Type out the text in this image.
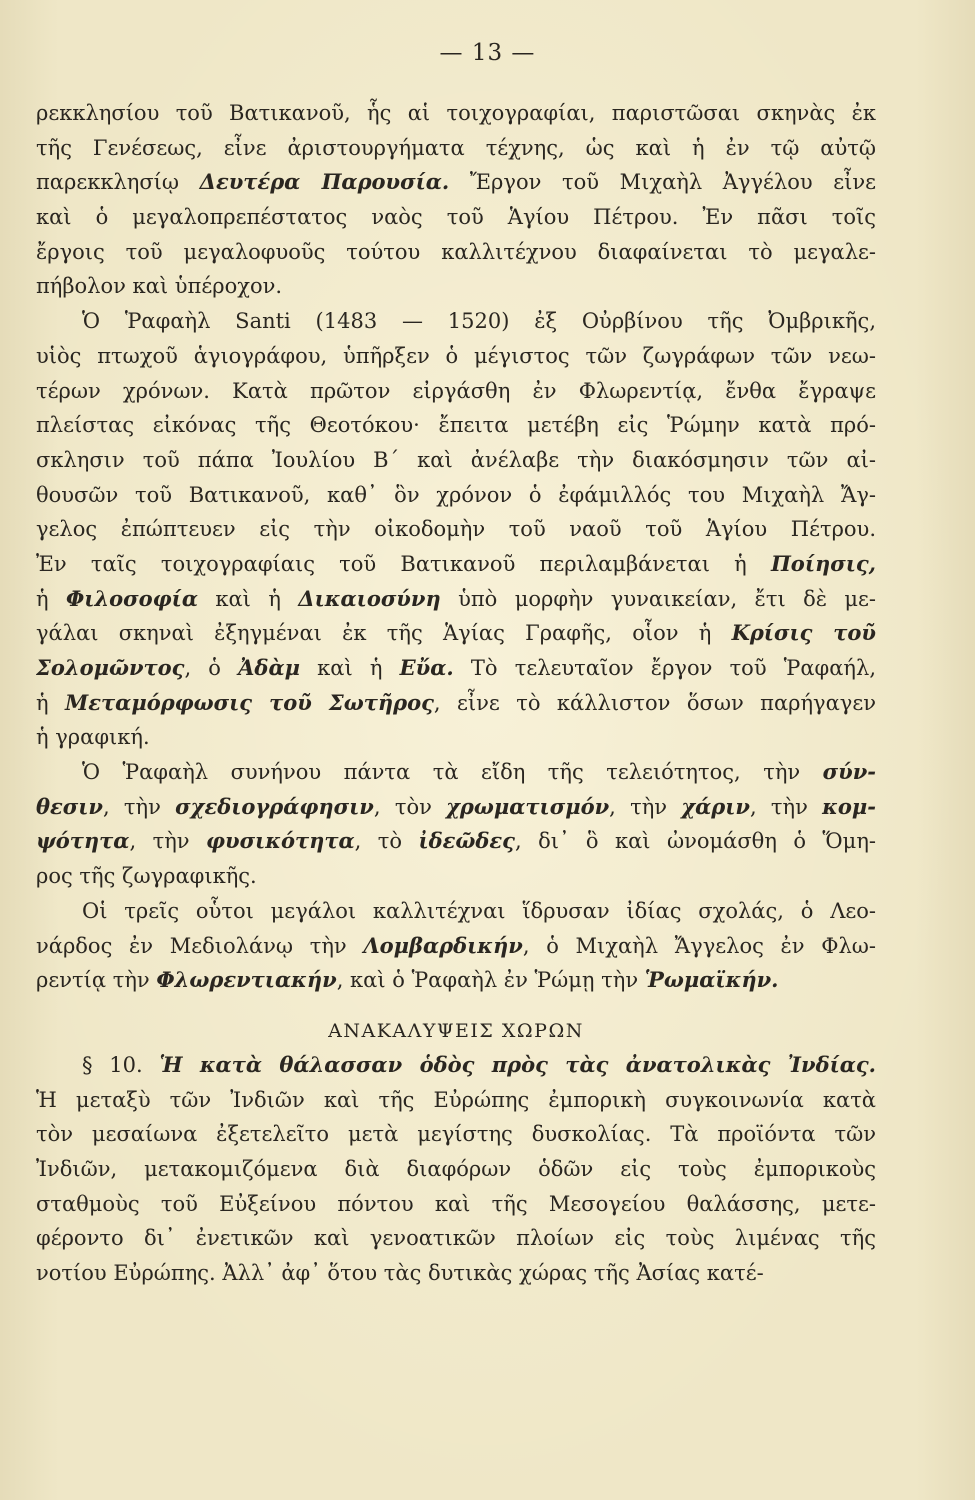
— 13 —
ρεκκλησίου τοῦ Βατικανοῦ, ἧς αἱ τοιχογραφίαι, παριστῶσαι σκηνὰς ἐκ
τῆς Γενέσεως, εἶνε ἀριστουργήματα τέχνης, ὡς καὶ ἡ ἐν τῷ αὐτῷ
παρεκκλησίῳ Δευτέρα Παρουσία. Ἔργον τοῦ Μιχαὴλ Ἀγγέλου εἶνε
καὶ ὁ μεγαλοπρεπέστατος ναὸς τοῦ Ἁγίου Πέτρου. Ἐν πᾶσι τοῖς
ἔργοις τοῦ μεγαλοφυοῦς τούτου καλλιτέχνου διαφαίνεται τὸ μεγαλε-
πήβολον καὶ ὑπέροχον.
Ὁ Ῥαφαὴλ Santi (1483 — 1520) ἐξ Οὐρβίνου τῆς Ὀμβρικῆς,
υἱὸς πτωχοῦ ἁγιογράφου, ὑπῆρξεν ὁ μέγιστος τῶν ζωγράφων τῶν νεω-
τέρων χρόνων. Κατὰ πρῶτον εἰργάσθη ἐν Φλωρεντίᾳ, ἔνθα ἔγραψε
πλείστας εἰκόνας τῆς Θεοτόκου· ἔπειτα μετέβη εἰς Ῥώμην κατὰ πρό-
σκλησιν τοῦ πάπα Ἰουλίου Β΄ καὶ ἀνέλαβε τὴν διακόσμησιν τῶν αἰ-
θουσῶν τοῦ Βατικανοῦ, καθ᾽ ὃν χρόνον ὁ ἐφάμιλλός του Μιχαὴλ Ἄγ-
γελος ἐπώπτευεν εἰς τὴν οἰκοδομὴν τοῦ ναοῦ τοῦ Ἁγίου Πέτρου.
Ἐν ταῖς τοιχογραφίαις τοῦ Βατικανοῦ περιλαμβάνεται ἡ Ποίησις,
ἡ Φιλοσοφία καὶ ἡ Δικαιοσύνη ὑπὸ μορφὴν γυναικείαν, ἔτι δὲ με-
γάλαι σκηναὶ ἐξηγμέναι ἐκ τῆς Ἁγίας Γραφῆς, οἷον ἡ Κρίσις τοῦ
Σολομῶντος, ὁ Ἀδὰμ καὶ ἡ Εὔα. Τὸ τελευταῖον ἔργον τοῦ Ῥαφαήλ,
ἡ Μεταμόρφωσις τοῦ Σωτῆρος, εἶνε τὸ κάλλιστον ὅσων παρήγαγεν
ἡ γραφική.
Ὁ Ῥαφαὴλ συνήνου πάντα τὰ εἴδη τῆς τελειότητος, τὴν σύν-
θεσιν, τὴν σχεδιογράφησιν, τὸν χρωματισμόν, τὴν χάριν, τὴν κομ-
ψότητα, τὴν φυσικότητα, τὸ ἰδεῶδες, δι᾽ ὃ καὶ ὠνομάσθη ὁ Ὅμη-
ρος τῆς ζωγραφικῆς.
Οἱ τρεῖς οὗτοι μεγάλοι καλλιτέχναι ἵδρυσαν ἰδίας σχολάς, ὁ Λεο-
νάρδος ἐν Μεδιολάνῳ τὴν Λομβαρδικήν, ὁ Μιχαὴλ Ἄγγελος ἐν Φλω-
ρεντίᾳ τὴν Φλωρεντιακήν, καὶ ὁ Ῥαφαὴλ ἐν Ῥώμῃ τὴν Ῥωμαϊκήν.
ΑΝΑΚΑΛΥΨΕΙΣ ΧΩΡΩΝ
§ 10. Ἡ κατὰ θάλασσαν ὁδὸς πρὸς τὰς ἀνατολικὰς Ἰνδίας.
Ἡ μεταξὺ τῶν Ἰνδιῶν καὶ τῆς Εὐρώπης ἐμπορικὴ συγκοινωνία κατὰ
τὸν μεσαίωνα ἐξετελεῖτο μετὰ μεγίστης δυσκολίας. Τὰ προϊόντα τῶν
Ἰνδιῶν, μετακομιζόμενα διὰ διαφόρων ὁδῶν εἰς τοὺς ἐμπορικοὺς
σταθμοὺς τοῦ Εὐξείνου πόντου καὶ τῆς Μεσογείου θαλάσσης, μετε-
φέροντο δι᾽ ἐνετικῶν καὶ γενοατικῶν πλοίων εἰς τοὺς λιμένας τῆς
νοτίου Εὐρώπης. Ἀλλ᾽ ἀφ᾽ ὅτου τὰς δυτικὰς χώρας τῆς Ἀσίας κατέ-
